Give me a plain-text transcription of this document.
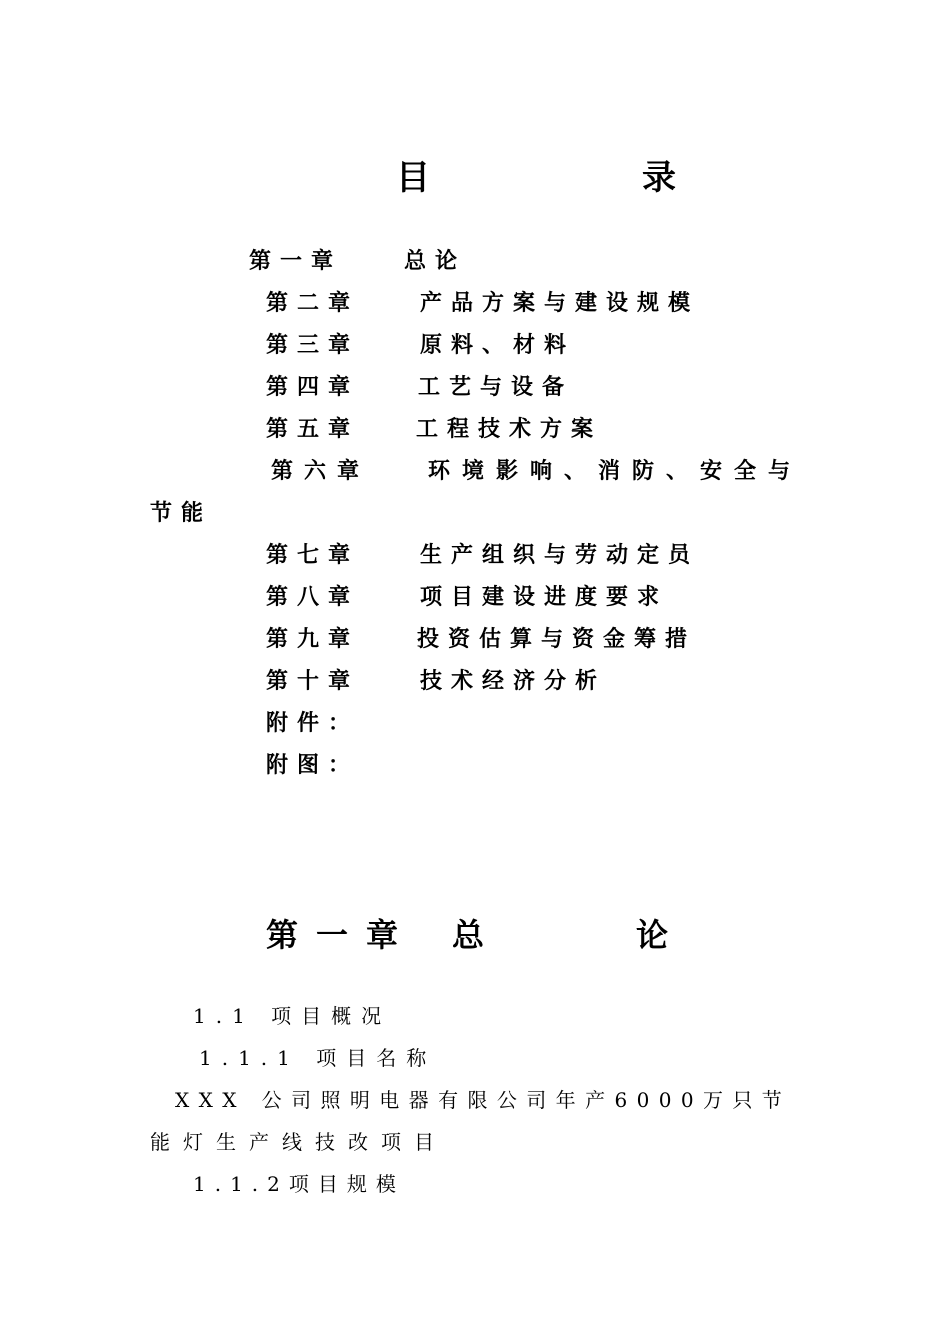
目	录
第一章	总论
第二章	产品方案与建设规模
第三章	原料、材料
第四章	工艺与设备
第五章	工程技术方案
第六章	环境影响、消防、安全与
节能
第七章	生产组织与劳动定员
第八章	项目建设进度要求
第九章	投资估算与资金筹措
第十章	技术经济分析
附件：
附图：
第一章 总	论
1.1 项目概况
1.1.1 项目名称
XXX 公司照明电器有限公司年产6000万只节
能灯生产线技改项目
1.1.2项目规模
